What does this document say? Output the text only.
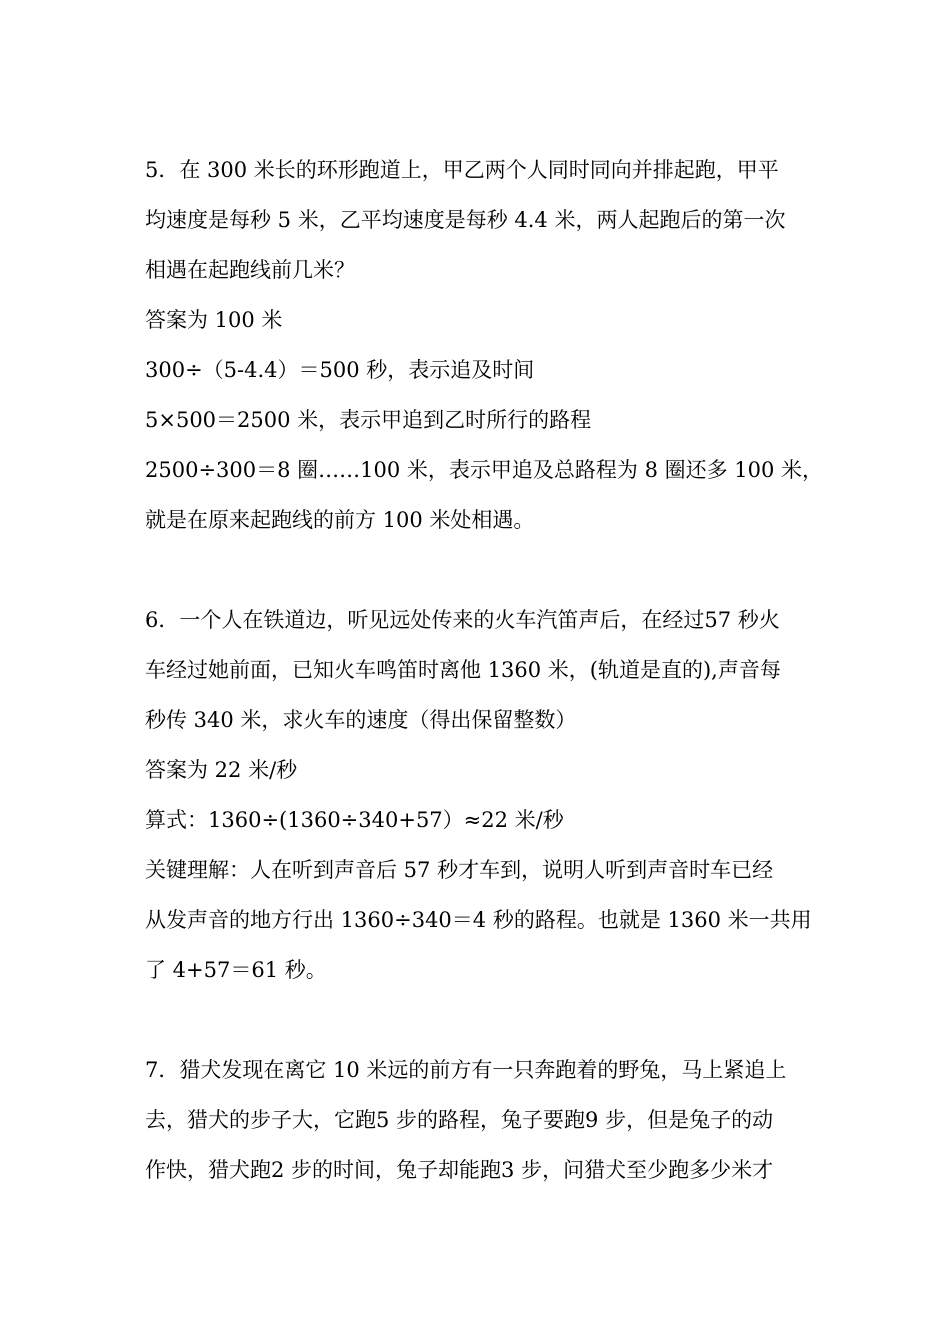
5．在 300 米长的环形跑道上，甲乙两个人同时同向并排起跑，甲平
均速度是每秒 5 米，乙平均速度是每秒 4.4 米，两人起跑后的第一次
相遇在起跑线前几米？
答案为 100 米
300÷（5-4.4）＝500 秒，表示追及时间
5×500＝2500 米，表示甲追到乙时所行的路程
2500÷300＝8 圈……100 米，表示甲追及总路程为 8 圈还多 100 米，
就是在原来起跑线的前方 100 米处相遇。
6．一个人在铁道边，听见远处传来的火车汽笛声后，在经过57 秒火
车经过她前面，已知火车鸣笛时离他 1360 米，(轨道是直的),声音每
秒传 340 米，求火车的速度（得出保留整数）
答案为 22 米/秒
算式：1360÷(1360÷340+57）≈22 米/秒
关键理解：人在听到声音后 57 秒才车到，说明人听到声音时车已经
从发声音的地方行出 1360÷340＝4 秒的路程。也就是 1360 米一共用
了 4+57＝61 秒。
7．猎犬发现在离它 10 米远的前方有一只奔跑着的野兔，马上紧追上
去，猎犬的步子大，它跑5 步的路程，兔子要跑9 步，但是兔子的动
作快，猎犬跑2 步的时间，兔子却能跑3 步，问猎犬至少跑多少米才
